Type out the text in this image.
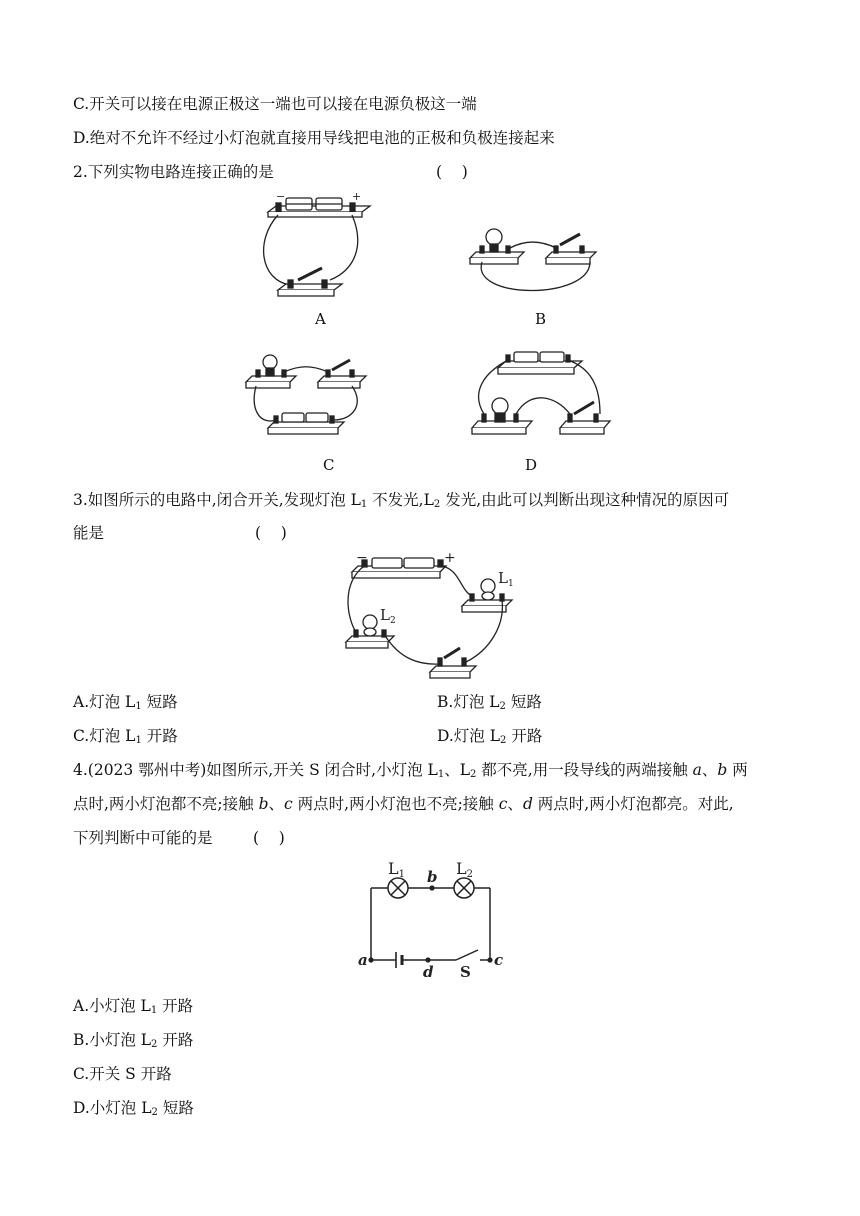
C.开关可以接在电源正极这一端也可以接在电源负极这一端
D.绝对不允许不经过小灯泡就直接用导线把电池的正极和负极连接起来
2.下列实物电路连接正确的是	(    )
−	+
A	B
C	D
3.如图所示的电路中,闭合开关,发现灯泡 $L_1$ 不发光$,L_2$ 发光,由此可以判断出现这种情况的原因可
能是	(    )
−	+
$L_1$
$L_2$
A.灯泡 $L_1$ 短路	B.灯泡 $L_2$ 短路
C.灯泡 $L_1$ 开路	D.灯泡 $L_2$ 开路
4.(2023 鄂州中考)如图所示,开关 S 闭合时,小灯泡 $L_1$、$L_2$ 都不亮,用一段导线的两端接触 a、b 两
点时,两小灯泡都不亮;接触 b、c 两点时,两小灯泡也不亮;接触 c、d 两点时,两小灯泡都亮。对此,
下列判断中可能的是	(    )
L1	L2
b
a
d
c
S
A.小灯泡 $L_1$ 开路
B.小灯泡 $L_2$ 开路
C.开关 S 开路
D.小灯泡 $L_2$ 短路
